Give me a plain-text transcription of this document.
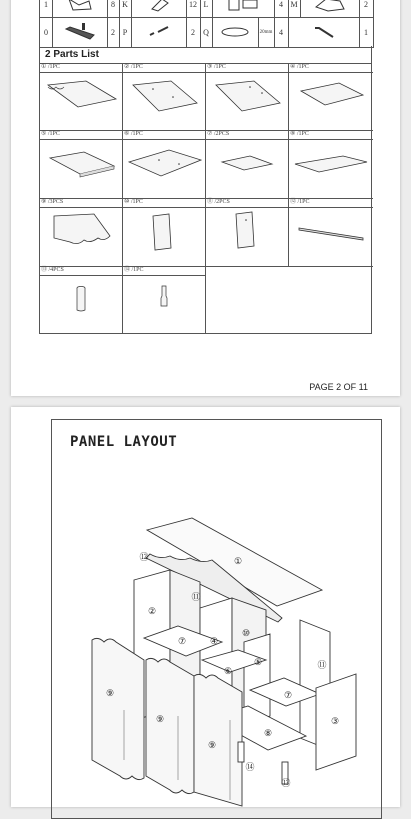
1	8 K	12 L	4 M	2
0	2 P	2	Q	20mm 4	1
2 Parts List
① /1PC	② /1PC	③ /1PC	④ /1PC
⑤ /1PC	⑥ /1PC	⑦ /2PCS	⑧ /1PC
⑨ /3PCS	⑩ /1PC	⑪ /2PCS	⑫ /1PC
⑬ /4PCS	⑭ /1PC
PAGE 2 OF 11
PANEL LAYOUT
①
②
③
④
⑤
⑥
⑦
⑦
⑧
⑨
⑨
⑨
⑩
⑪
⑪
⑫
⑬
⑭
